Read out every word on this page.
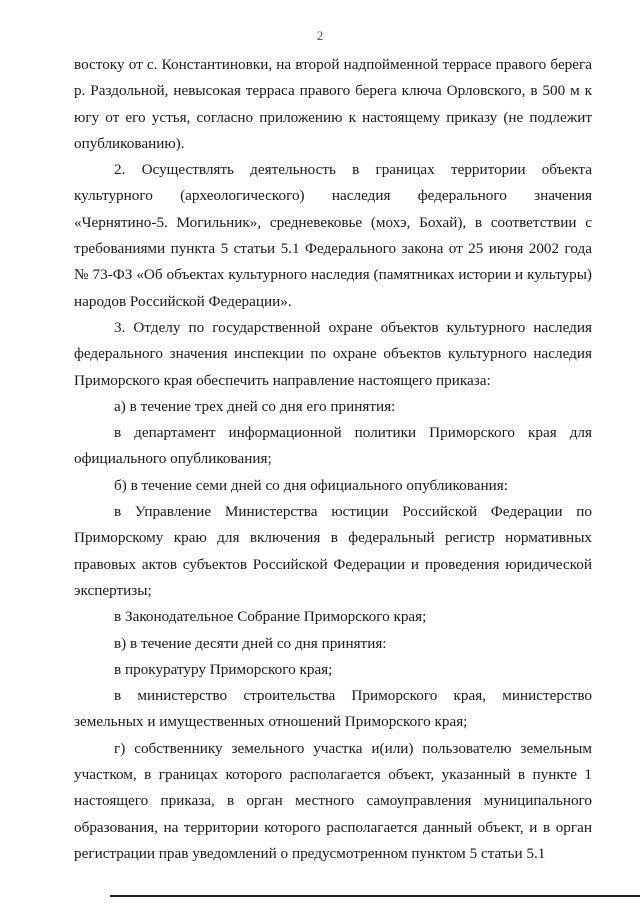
2

востоку от с. Константиновки, на второй надпойменной террасе правого берега р. Раздольной, невысокая терраса правого берега ключа Орловского, в 500 м к югу от его устья, согласно приложению к настоящему приказу (не подлежит опубликованию).

2. Осуществлять деятельность в границах территории объекта культурного (археологического) наследия федерального значения «Чернятино-5. Могильник», средневековье (мохэ, Бохай), в соответствии с требованиями пункта 5 статьи 5.1 Федерального закона от 25 июня 2002 года № 73-ФЗ «Об объектах культурного наследия (памятниках истории и культуры) народов Российской Федерации».

3. Отделу по государственной охране объектов культурного наследия федерального значения инспекции по охране объектов культурного наследия Приморского края обеспечить направление настоящего приказа:

а) в течение трех дней со дня его принятия:

в департамент информационной политики Приморского края для официального опубликования;

б) в течение семи дней со дня официального опубликования:

в Управление Министерства юстиции Российской Федерации по Приморскому краю для включения в федеральный регистр нормативных правовых актов субъектов Российской Федерации и проведения юридической экспертизы;

в Законодательное Собрание Приморского края;

в) в течение десяти дней со дня принятия:

в прокуратуру Приморского края;

в министерство строительства Приморского края, министерство земельных и имущественных отношений Приморского края;

г) собственнику земельного участка и(или) пользователю земельным участком, в границах которого располагается объект, указанный в пункте 1 настоящего приказа, в орган местного самоуправления муниципального образования, на территории которого располагается данный объект, и в орган регистрации прав уведомлений о предусмотренном пунктом 5 статьи 5.1
